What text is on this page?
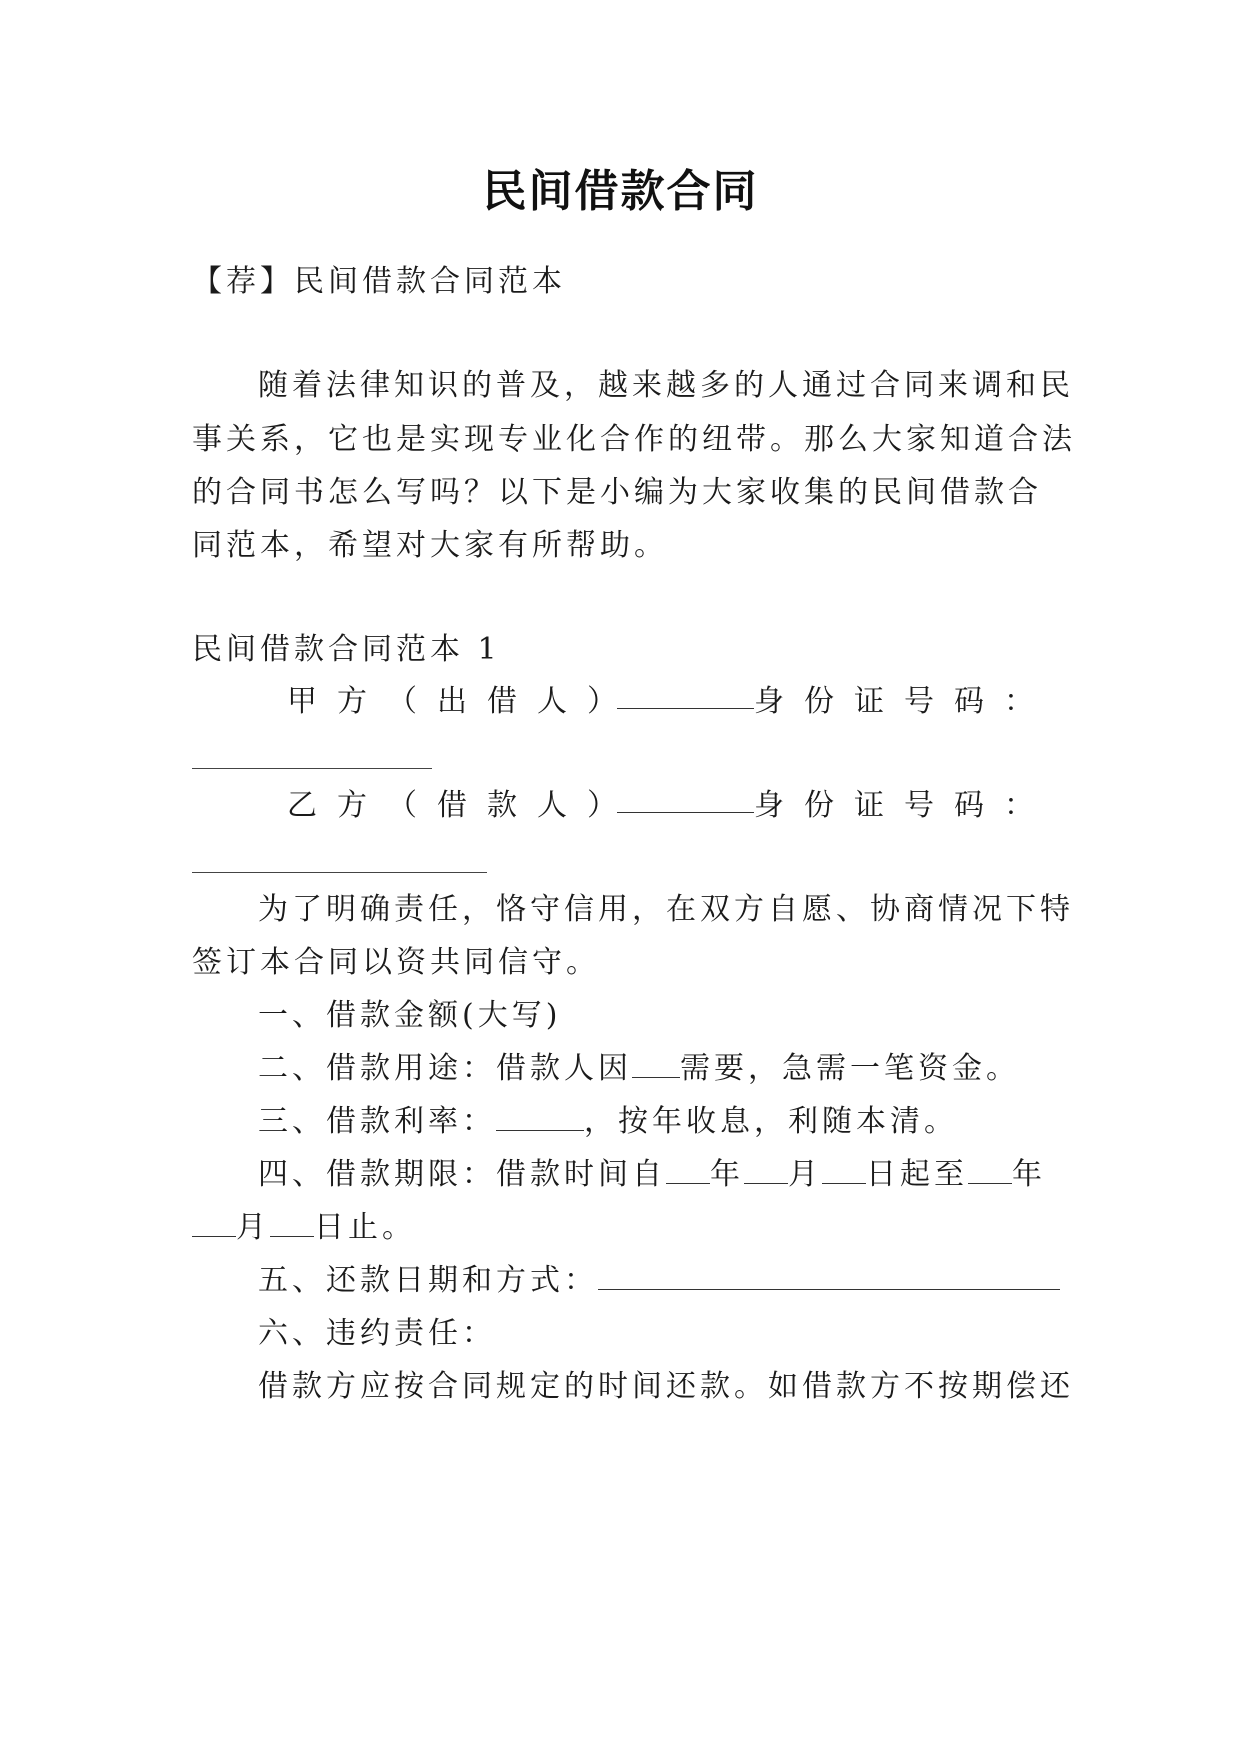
民间借款合同
【荐】民间借款合同范本
随着法律知识的普及，越来越多的人通过合同来调和民
事关系，它也是实现专业化合作的纽带。那么大家知道合法
的合同书怎么写吗？以下是小编为大家收集的民间借款合
同范本，希望对大家有所帮助。
民间借款合同范本 1
甲方（出借人）	身份证号码：
乙方（借款人）	身份证号码：
为了明确责任，恪守信用，在双方自愿、协商情况下特
签订本合同以资共同信守。
一、借款金额(大写)
二、借款用途：借款人因 需要，急需一笔资金。
三、借款利率：	，按年收息，利随本清。
四、借款期限：借款时间自 年 月 日起至 年
月 日止。
五、还款日期和方式：
六、违约责任：
借款方应按合同规定的时间还款。如借款方不按期偿还
